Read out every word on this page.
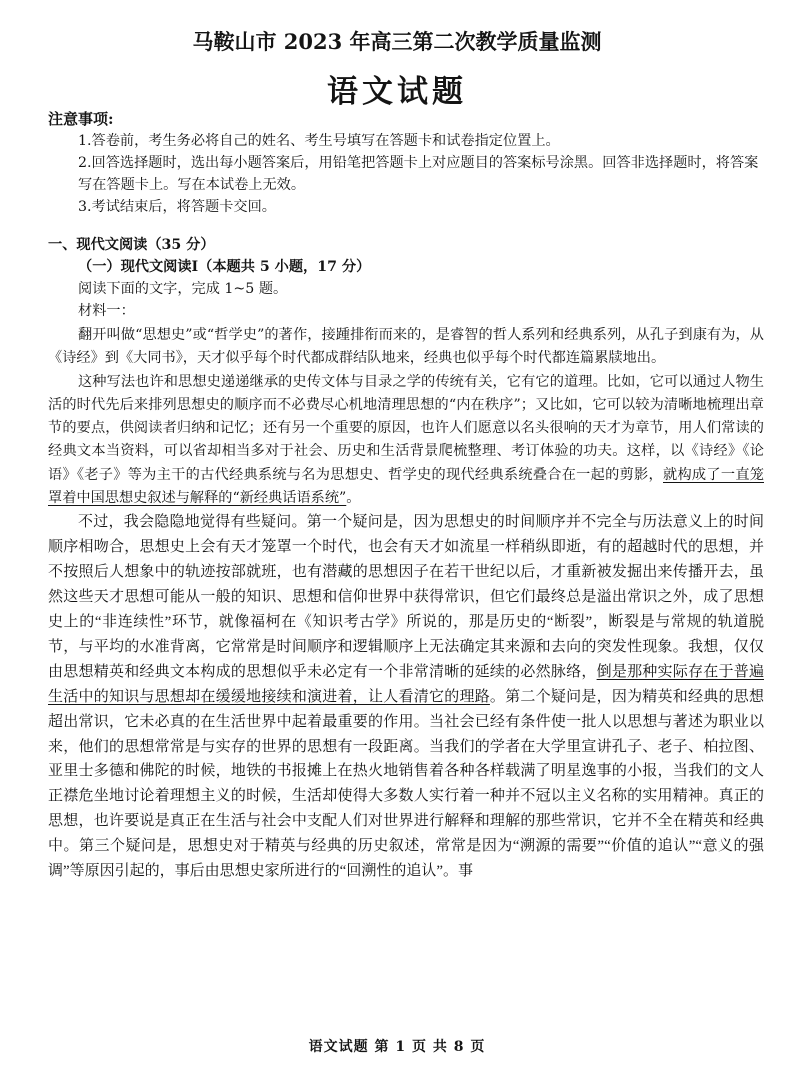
马鞍山市 2023 年高三第二次教学质量监测
语文试题

注意事项:

1.答卷前，考生务必将自己的姓名、考生号填写在答题卡和试卷指定位置上。

2.回答选择题时，选出每小题答案后，用铅笔把答题卡上对应题目的答案标号涂黑。回答非选择题时，将答案写在答题卡上。写在本试卷上无效。

3.考试结束后，将答题卡交回。

一、现代文阅读（35 分）

（一）现代文阅读Ⅰ（本题共 5 小题，17 分）

阅读下面的文字，完成 1~5 题。

材料一：

翻开叫做“思想史”或“哲学史”的著作，接踵排衔而来的，是睿智的哲人系列和经典系列，从孔子到康有为，从《诗经》到《大同书》，天才似乎每个时代都成群结队地来，经典也似乎每个时代都连篇累牍地出。

这种写法也许和思想史递递继承的史传文体与目录之学的传统有关，它有它的道理。比如，它可以通过人物生活的时代先后来排列思想史的顺序而不必费尽心机地清理思想的“内在秩序”；又比如，它可以较为清晰地梳理出章节的要点，供阅读者归纳和记忆；还有另一个重要的原因，也许人们愿意以名头很响的天才为章节，用人们常读的经典文本当资料，可以省却相当多对于社会、历史和生活背景爬梳整理、考订体验的功夫。这样，以《诗经》《论语》《老子》等为主干的古代经典系统与名为思想史、哲学史的现代经典系统叠合在一起的剪影，就构成了一直笼罩着中国思想史叙述与解释的“新经典话语系统”。

不过，我会隐隐地觉得有些疑问。第一个疑问是，因为思想史的时间顺序并不完全与历法意义上的时间顺序相吻合，思想史上会有天才笼罩一个时代，也会有天才如流星一样稍纵即逝，有的超越时代的思想，并不按照后人想象中的轨迹按部就班，也有潜藏的思想因子在若干世纪以后，才重新被发掘出来传播开去，虽然这些天才思想可能从一般的知识、思想和信仰世界中获得常识，但它们最终总是溢出常识之外，成了思想史上的“非连续性”环节，就像福柯在《知识考古学》所说的，那是历史的“断裂”，断裂是与常规的轨道脱节，与平均的水准背离，它常常是时间顺序和逻辑顺序上无法确定其来源和去向的突发性现象。我想，仅仅由思想精英和经典文本构成的思想似乎未必定有一个非常清晰的延续的必然脉络，倒是那种实际存在于普遍生活中的知识与思想却在缓缓地接续和演进着，让人看清它的理路。第二个疑问是，因为精英和经典的思想超出常识，它未必真的在生活世界中起着最重要的作用。当社会已经有条件使一批人以思想与著述为职业以来，他们的思想常常是与实存的世界的思想有一段距离。当我们的学者在大学里宣讲孔子、老子、柏拉图、亚里士多德和佛陀的时候，地铁的书报摊上在热火地销售着各种各样载满了明星逸事的小报，当我们的文人正襟危坐地讨论着理想主义的时候，生活却使得大多数人实行着一种并不冠以主义名称的实用精神。真正的思想，也许要说是真正在生活与社会中支配人们对世界进行解释和理解的那些常识，它并不全在精英和经典中。第三个疑问是，思想史对于精英与经典的历史叙述，常常是因为“溯源的需要”“价值的追认”“意义的强调”等原因引起的，事后由思想史家所进行的“回溯性的追认”。事

语文试题 第 1 页 共 8 页
